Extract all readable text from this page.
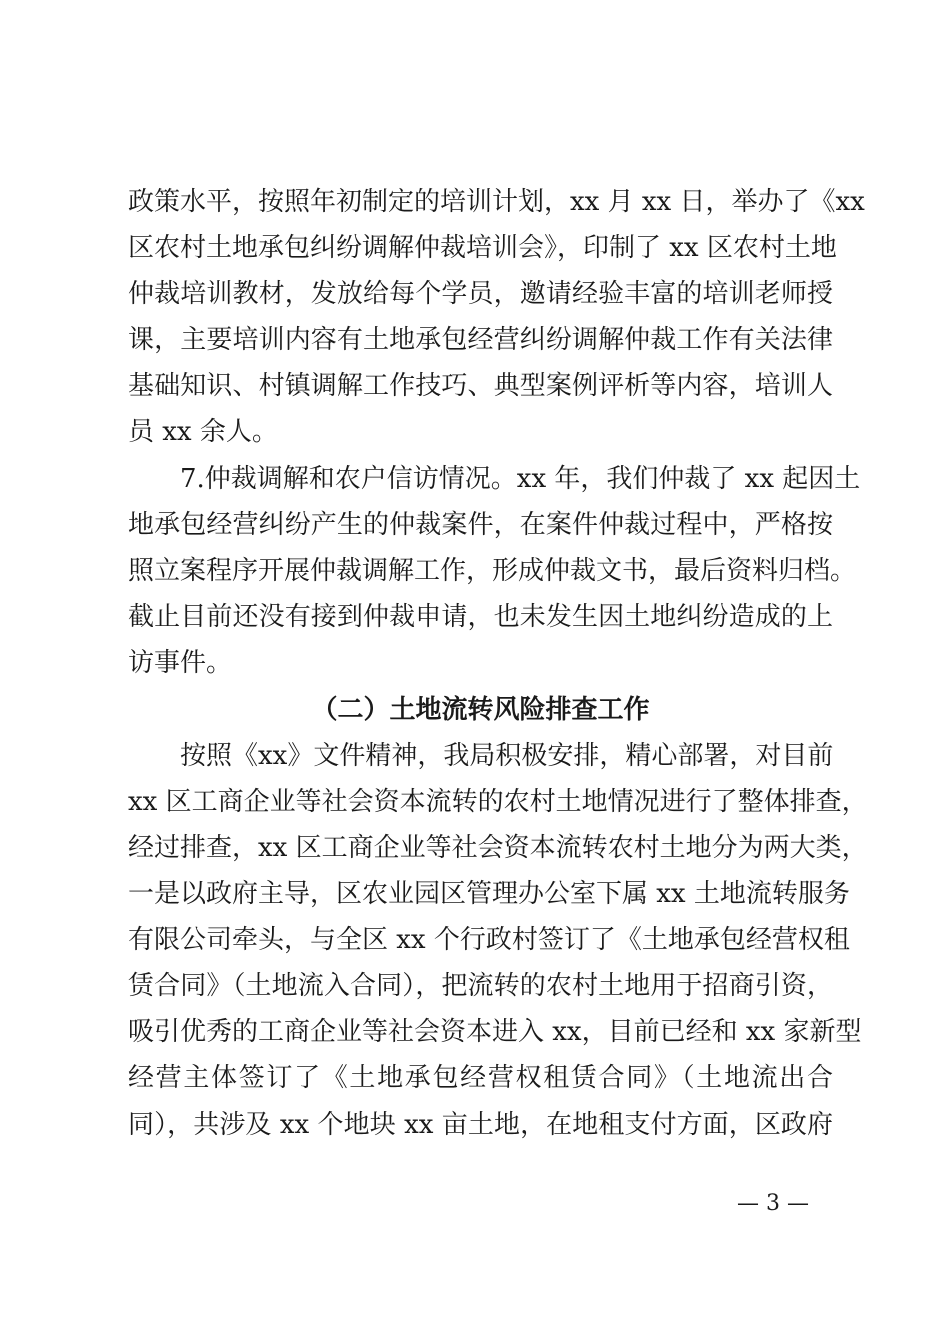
政策水平，按照年初制定的培训计划，xx 月 xx 日，举办了《xx
区农村土地承包纠纷调解仲裁培训会》，印制了 xx 区农村土地
仲裁培训教材，发放给每个学员，邀请经验丰富的培训老师授
课，主要培训内容有土地承包经营纠纷调解仲裁工作有关法律
基础知识、村镇调解工作技巧、典型案例评析等内容，培训人
员 xx 余人。
7.仲裁调解和农户信访情况。xx 年，我们仲裁了 xx 起因土
地承包经营纠纷产生的仲裁案件，在案件仲裁过程中，严格按
照立案程序开展仲裁调解工作，形成仲裁文书，最后资料归档。
截止目前还没有接到仲裁申请，也未发生因土地纠纷造成的上
访事件。
（二）土地流转风险排查工作
按照《xx》文件精神，我局积极安排，精心部署，对目前
xx 区工商企业等社会资本流转的农村土地情况进行了整体排查，
经过排查，xx 区工商企业等社会资本流转农村土地分为两大类，
一是以政府主导，区农业园区管理办公室下属 xx 土地流转服务
有限公司牵头，与全区 xx 个行政村签订了《土地承包经营权租
赁合同》（土地流入合同），把流转的农村土地用于招商引资，
吸引优秀的工商企业等社会资本进入 xx，目前已经和 xx 家新型
经营主体签订了《土地承包经营权租赁合同》（土地流出合
同），共涉及 xx 个地块 xx 亩土地，在地租支付方面，区政府
— 3 —
